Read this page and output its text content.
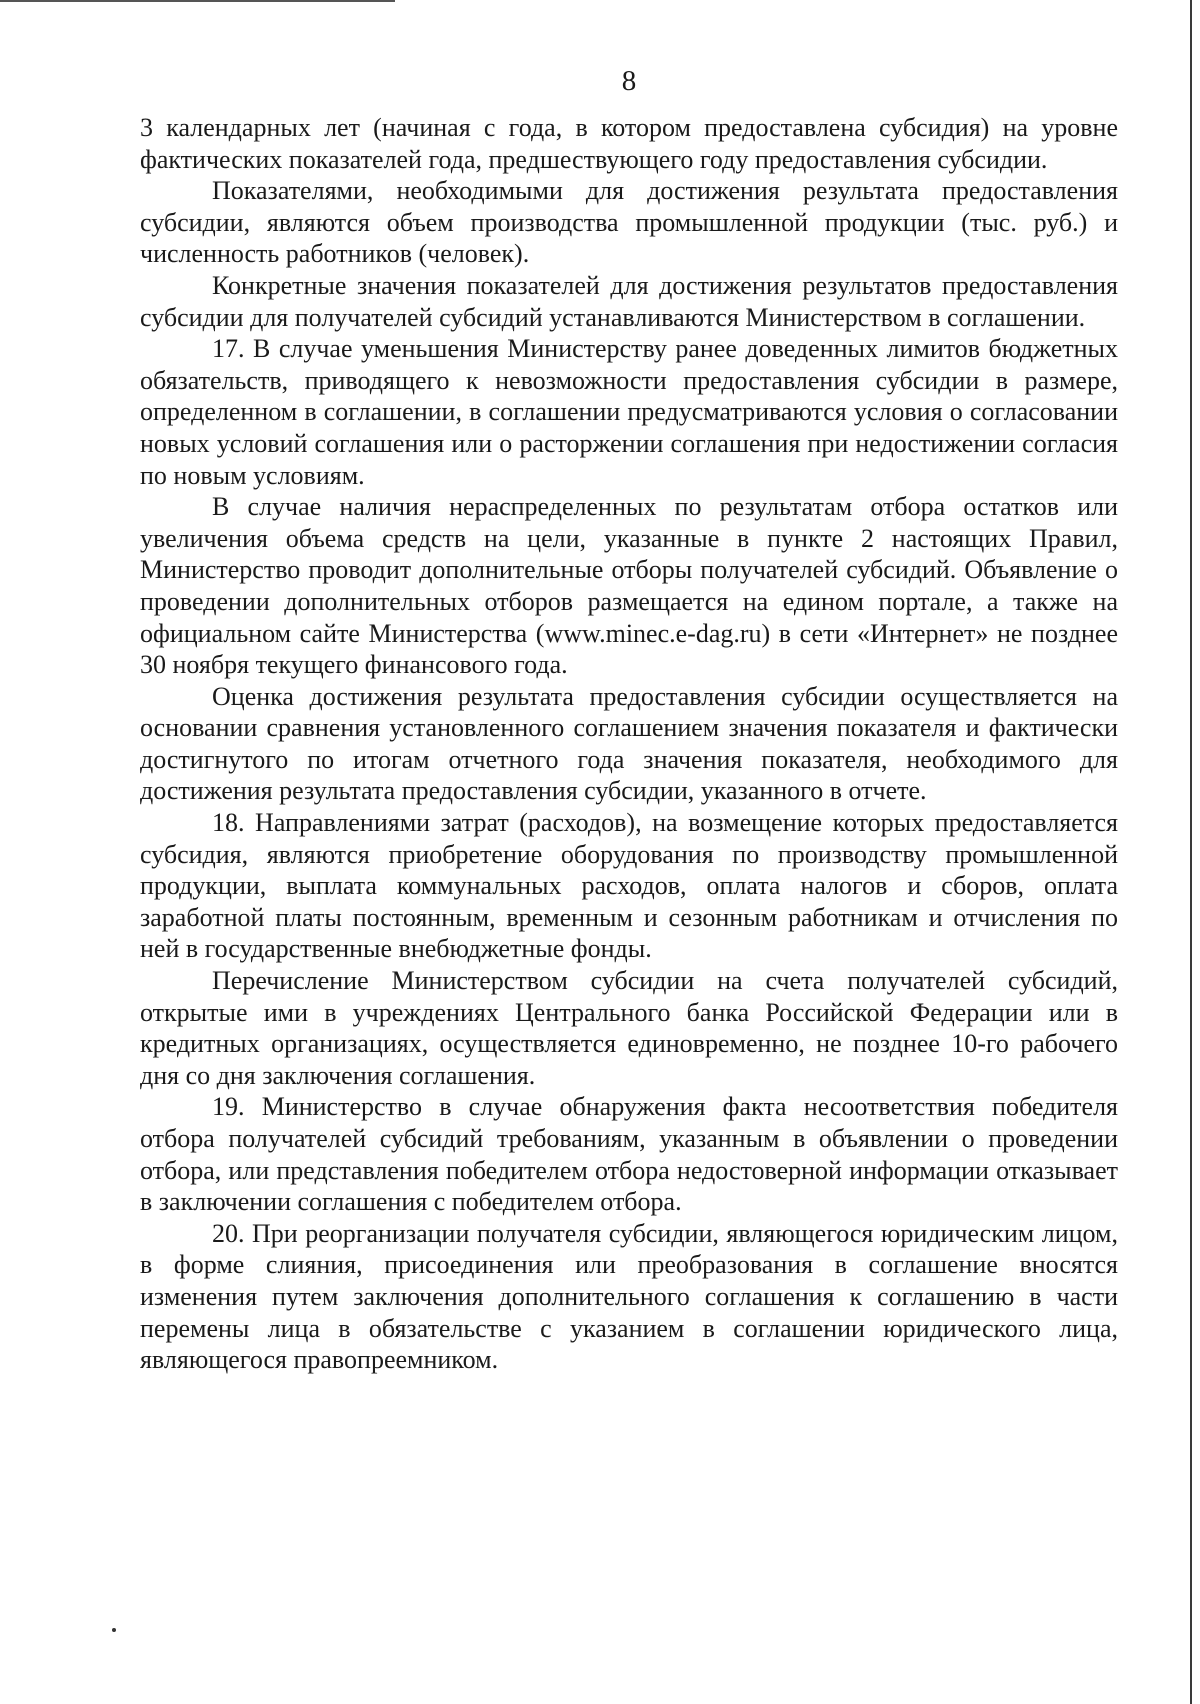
8

3 календарных лет (начиная с года, в котором предоставлена субсидия) на уровне фактических показателей года, предшествующего году предоставления субсидии.

Показателями, необходимыми для достижения результата предоставления субсидии, являются объем производства промышленной продукции (тыс. руб.) и численность работников (человек).

Конкретные значения показателей для достижения результатов предоставления субсидии для получателей субсидий устанавливаются Министерством в соглашении.

17. В случае уменьшения Министерству ранее доведенных лимитов бюджетных обязательств, приводящего к невозможности предоставления субсидии в размере, определенном в соглашении, в соглашении предусматриваются условия о согласовании новых условий соглашения или о расторжении соглашения при недостижении согласия по новым условиям.

В случае наличия нераспределенных по результатам отбора остатков или увеличения объема средств на цели, указанные в пункте 2 настоящих Правил, Министерство проводит дополнительные отборы получателей субсидий. Объявление о проведении дополнительных отборов размещается на едином портале, а также на официальном сайте Министерства (www.minec.e-dag.ru) в сети «Интернет» не позднее 30 ноября текущего финансового года.

Оценка достижения результата предоставления субсидии осуществляется на основании сравнения установленного соглашением значения показателя и фактически достигнутого по итогам отчетного года значения показателя, необходимого для достижения результата предоставления субсидии, указанного в отчете.

18. Направлениями затрат (расходов), на возмещение которых предоставляется субсидия, являются приобретение оборудования по производству промышленной продукции, выплата коммунальных расходов, оплата налогов и сборов, оплата заработной платы постоянным, временным и сезонным работникам и отчисления по ней в государственные внебюджетные фонды.

Перечисление Министерством субсидии на счета получателей субсидий, открытые ими в учреждениях Центрального банка Российской Федерации или в кредитных организациях, осуществляется единовременно, не позднее 10-го рабочего дня со дня заключения соглашения.

19. Министерство в случае обнаружения факта несоответствия победителя отбора получателей субсидий требованиям, указанным в объявлении о проведении отбора, или представления победителем отбора недостоверной информации отказывает в заключении соглашения с победителем отбора.

20. При реорганизации получателя субсидии, являющегося юридическим лицом, в форме слияния, присоединения или преобразования в соглашение вносятся изменения путем заключения дополнительного соглашения к соглашению в части перемены лица в обязательстве с указанием в соглашении юридического лица, являющегося правопреемником.
